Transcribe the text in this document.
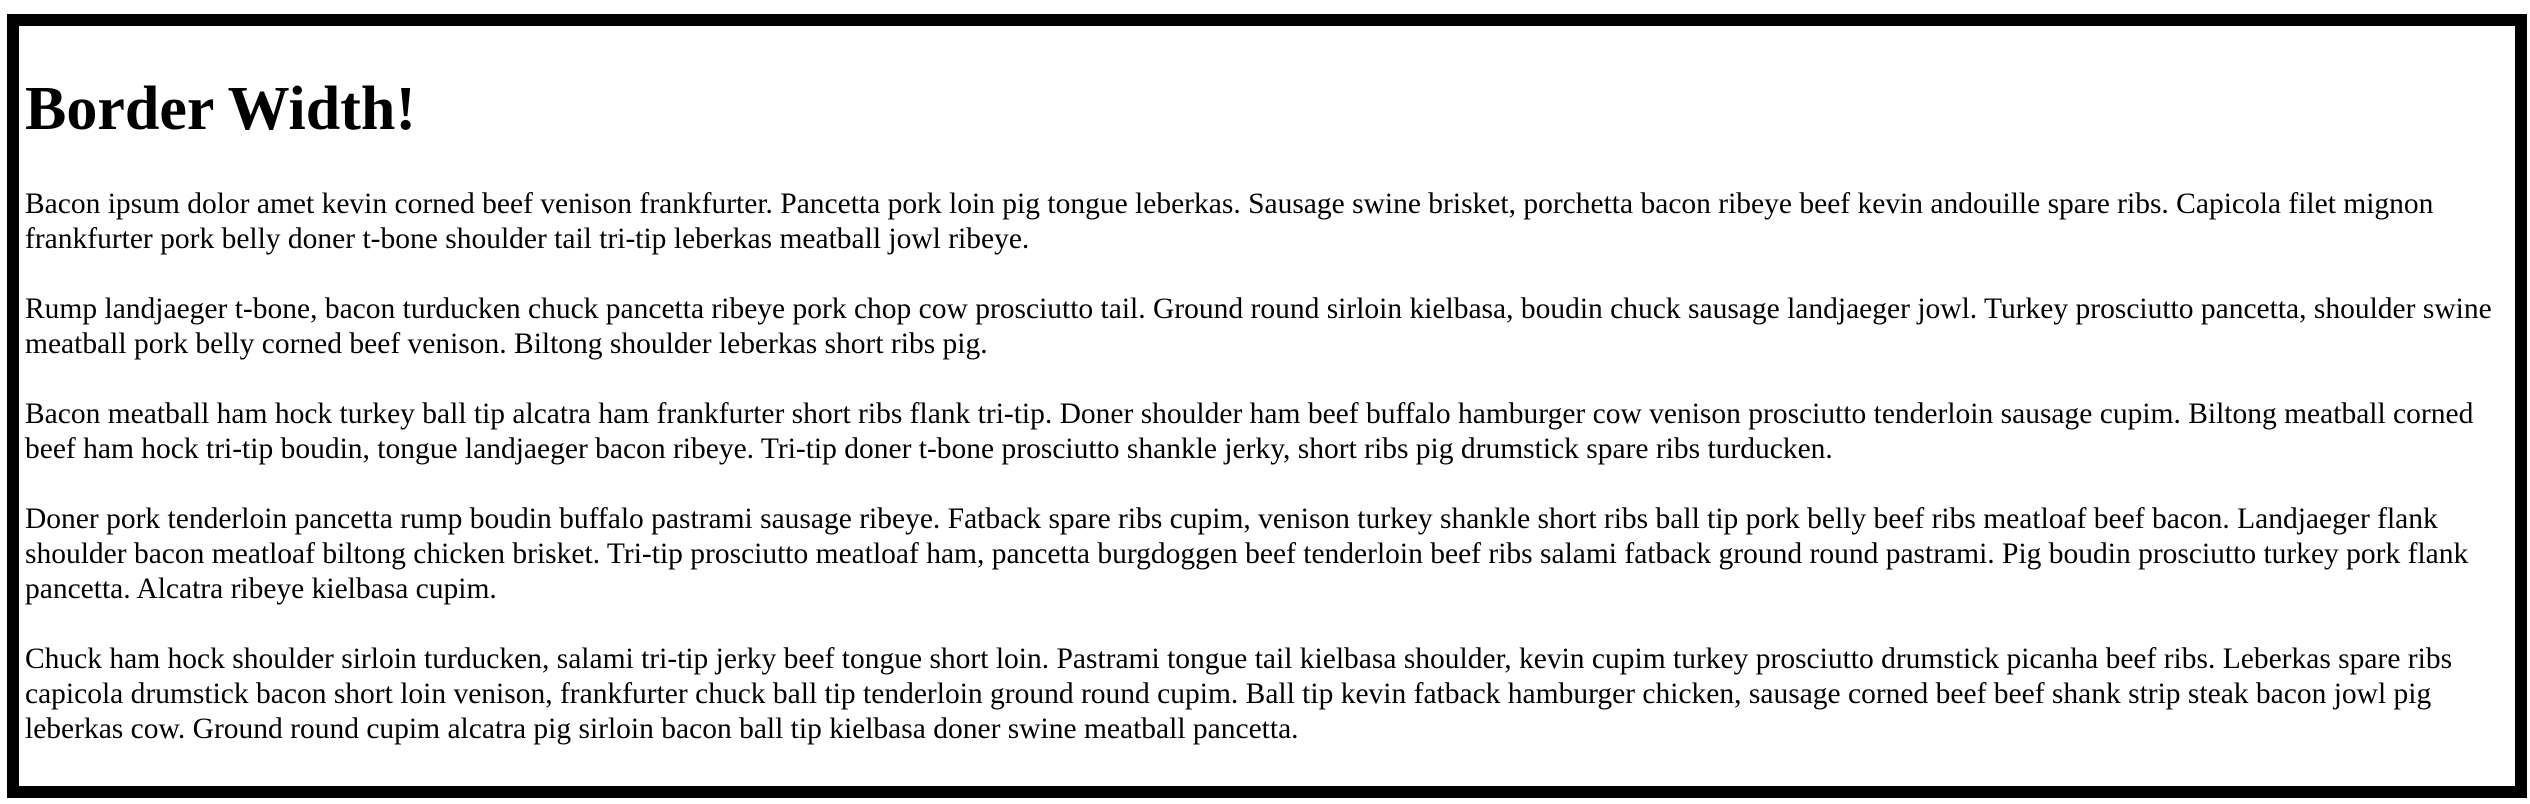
Border Width!

Bacon ipsum dolor amet kevin corned beef venison frankfurter. Pancetta pork loin pig tongue leberkas. Sausage swine brisket, porchetta bacon ribeye beef kevin andouille spare ribs. Capicola filet mignon frankfurter pork belly doner t-bone shoulder tail tri-tip leberkas meatball jowl ribeye.

Rump landjaeger t-bone, bacon turducken chuck pancetta ribeye pork chop cow prosciutto tail. Ground round sirloin kielbasa, boudin chuck sausage landjaeger jowl. Turkey prosciutto pancetta, shoulder swine meatball pork belly corned beef venison. Biltong shoulder leberkas short ribs pig.

Bacon meatball ham hock turkey ball tip alcatra ham frankfurter short ribs flank tri-tip. Doner shoulder ham beef buffalo hamburger cow venison prosciutto tenderloin sausage cupim. Biltong meatball corned beef ham hock tri-tip boudin, tongue landjaeger bacon ribeye. Tri-tip doner t-bone prosciutto shankle jerky, short ribs pig drumstick spare ribs turducken.

Doner pork tenderloin pancetta rump boudin buffalo pastrami sausage ribeye. Fatback spare ribs cupim, venison turkey shankle short ribs ball tip pork belly beef ribs meatloaf beef bacon. Landjaeger flank shoulder bacon meatloaf biltong chicken brisket. Tri-tip prosciutto meatloaf ham, pancetta burgdoggen beef tenderloin beef ribs salami fatback ground round pastrami. Pig boudin prosciutto turkey pork flank pancetta. Alcatra ribeye kielbasa cupim.

Chuck ham hock shoulder sirloin turducken, salami tri-tip jerky beef tongue short loin. Pastrami tongue tail kielbasa shoulder, kevin cupim turkey prosciutto drumstick picanha beef ribs. Leberkas spare ribs capicola drumstick bacon short loin venison, frankfurter chuck ball tip tenderloin ground round cupim. Ball tip kevin fatback hamburger chicken, sausage corned beef beef shank strip steak bacon jowl pig leberkas cow. Ground round cupim alcatra pig sirloin bacon ball tip kielbasa doner swine meatball pancetta.
